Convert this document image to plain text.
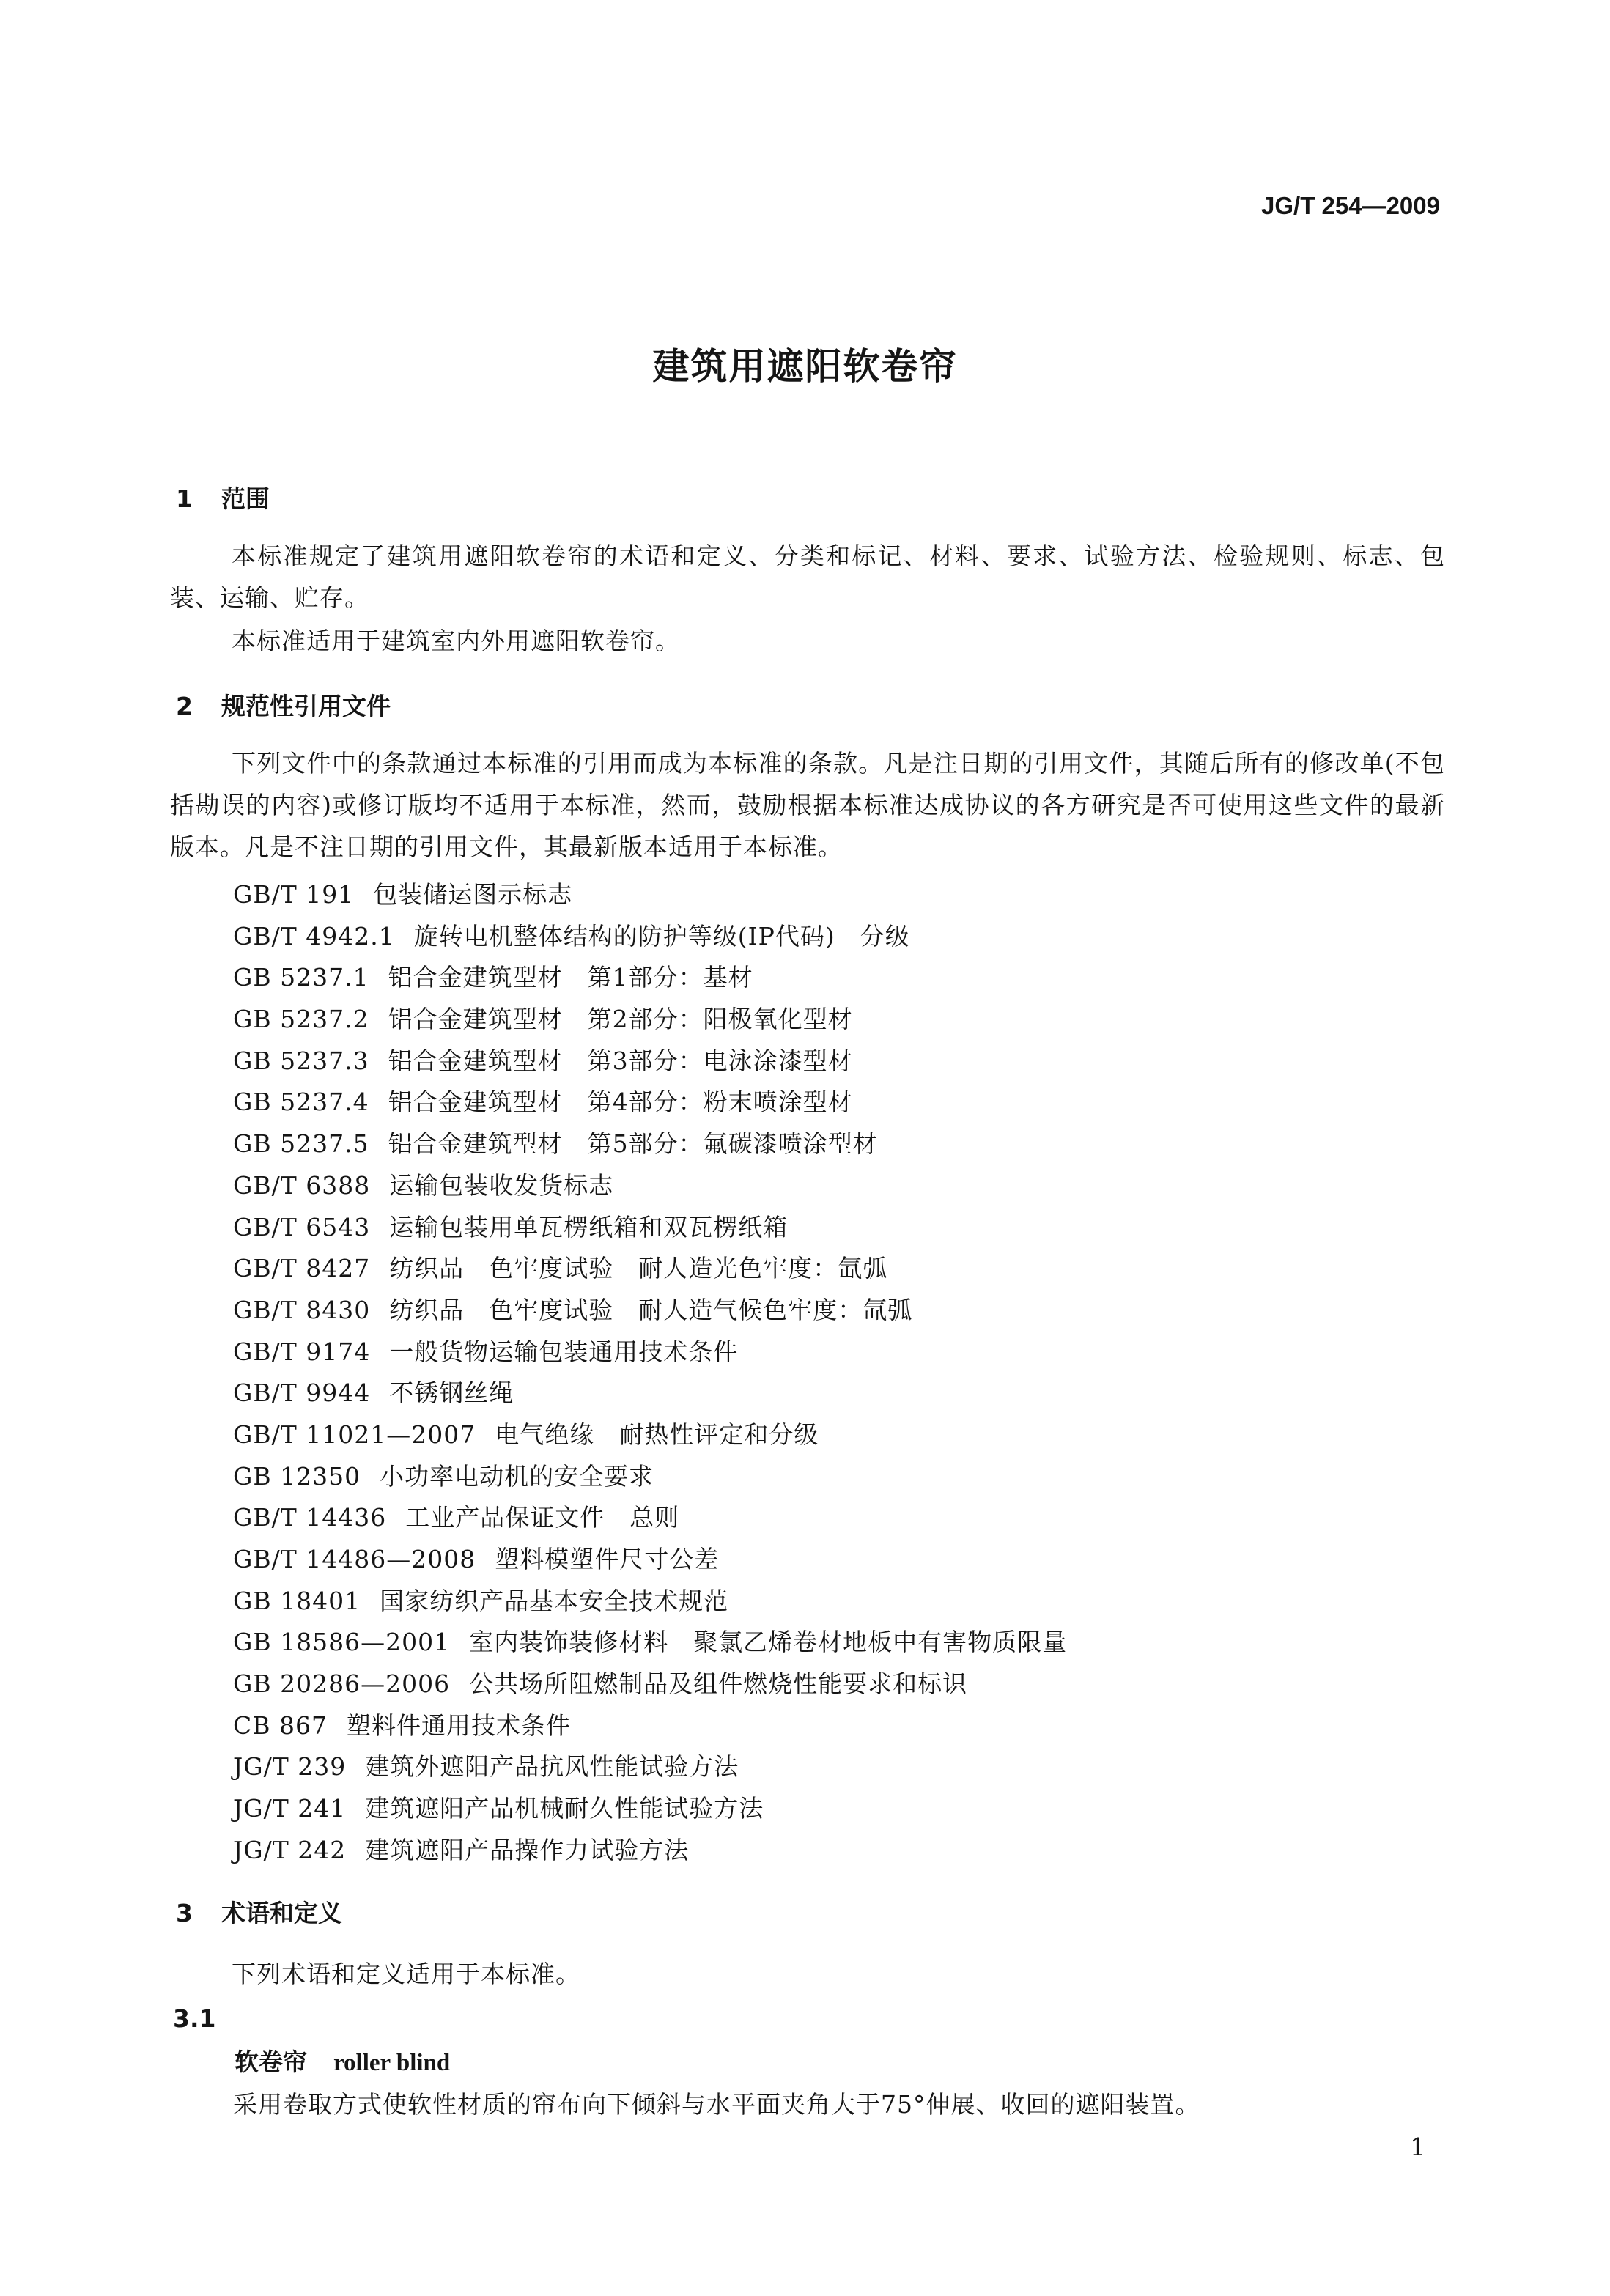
JG/T 254—2009
建筑用遮阳软卷帘
1 范围
本标准规定了建筑用遮阳软卷帘的术语和定义、分类和标记、材料、要求、试验方法、检验规则、标志、包装、运输、贮存。
本标准适用于建筑室内外用遮阳软卷帘。
2 规范性引用文件
下列文件中的条款通过本标准的引用而成为本标准的条款。凡是注日期的引用文件，其随后所有的修改单(不包括勘误的内容)或修订版均不适用于本标准，然而，鼓励根据本标准达成协议的各方研究是否可使用这些文件的最新版本。凡是不注日期的引用文件，其最新版本适用于本标准。
GB/T 191 包装储运图示标志
GB/T 4942.1 旋转电机整体结构的防护等级(IP代码)　分级
GB 5237.1 铝合金建筑型材　第1部分：基材
GB 5237.2 铝合金建筑型材　第2部分：阳极氧化型材
GB 5237.3 铝合金建筑型材　第3部分：电泳涂漆型材
GB 5237.4 铝合金建筑型材　第4部分：粉末喷涂型材
GB 5237.5 铝合金建筑型材　第5部分：氟碳漆喷涂型材
GB/T 6388 运输包装收发货标志
GB/T 6543 运输包装用单瓦楞纸箱和双瓦楞纸箱
GB/T 8427 纺织品　色牢度试验　耐人造光色牢度：氙弧
GB/T 8430 纺织品　色牢度试验　耐人造气候色牢度：氙弧
GB/T 9174 一般货物运输包装通用技术条件
GB/T 9944 不锈钢丝绳
GB/T 11021—2007 电气绝缘　耐热性评定和分级
GB 12350 小功率电动机的安全要求
GB/T 14436 工业产品保证文件　总则
GB/T 14486—2008 塑料模塑件尺寸公差
GB 18401 国家纺织产品基本安全技术规范
GB 18586—2001 室内装饰装修材料　聚氯乙烯卷材地板中有害物质限量
GB 20286—2006 公共场所阻燃制品及组件燃烧性能要求和标识
CB 867 塑料件通用技术条件
JG/T 239 建筑外遮阳产品抗风性能试验方法
JG/T 241 建筑遮阳产品机械耐久性能试验方法
JG/T 242 建筑遮阳产品操作力试验方法
3 术语和定义
下列术语和定义适用于本标准。
3.1
软卷帘 roller blind
采用卷取方式使软性材质的帘布向下倾斜与水平面夹角大于75°伸展、收回的遮阳装置。
1
